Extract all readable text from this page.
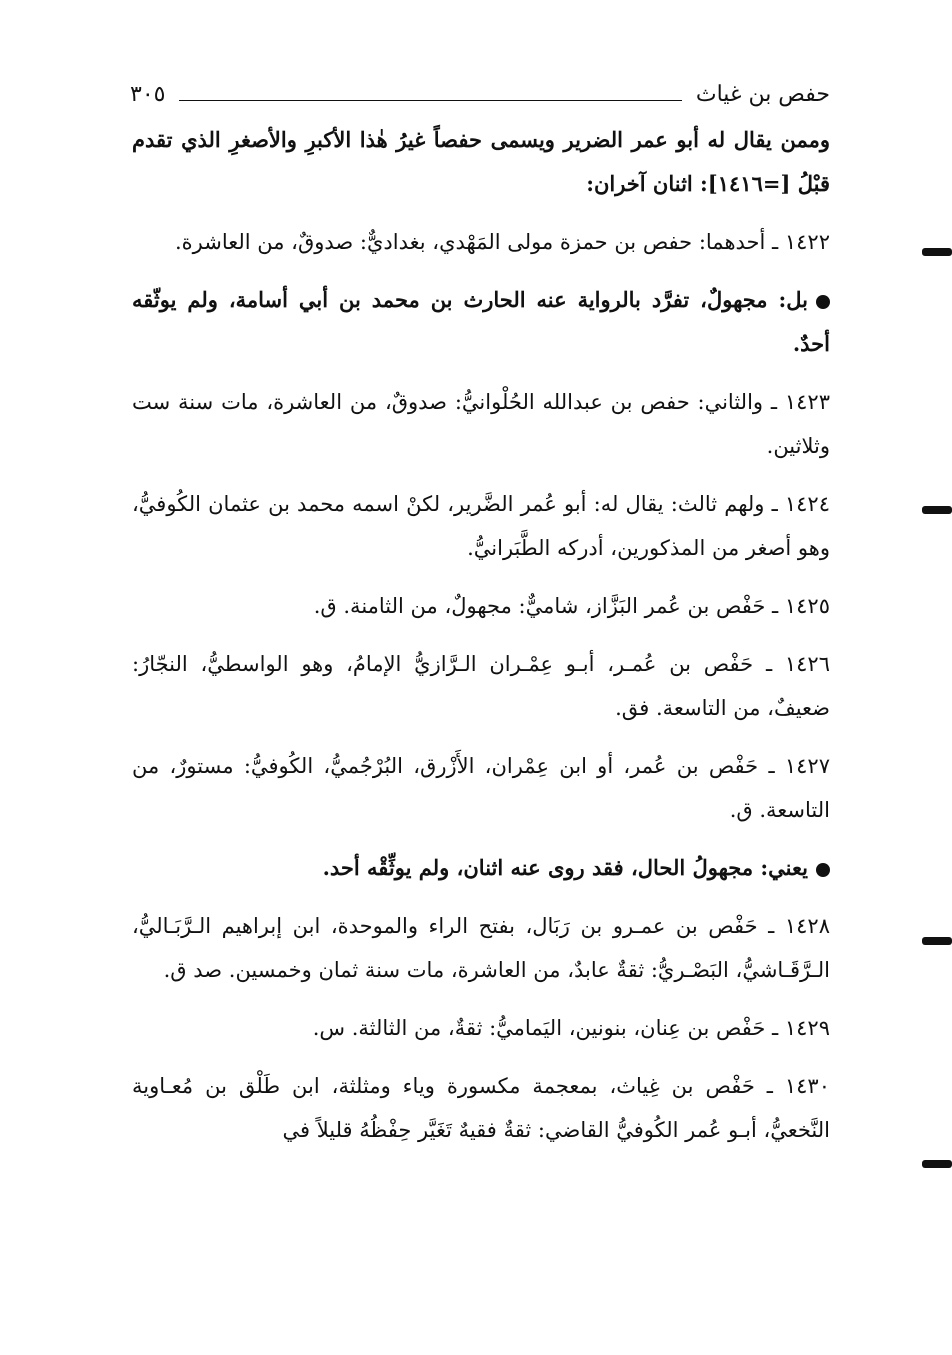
حفص بن غياث
٣٠٥

وممن يقال له أبو عمر الضرير ويسمى حفصاً غيرُ هٰذا الأكبرِ والأصغرِ الذي تقدم قبْلُ [=١٤١٦]: اثنان آخران:

١٤٢٢ ـ أحدهما: حفص بن حمزة مولى المَهْدي، بغداديٌّ: صدوقٌ، من العاشرة.

بل: مجهولٌ، تفرَّد بالرواية عنه الحارث بن محمد بن أبي أسامة، ولم يوثّقه أحدٌ.

١٤٢٣ ـ والثاني: حفص بن عبدالله الحُلْوانيُّ: صدوقٌ، من العاشرة، مات سنة ست وثلاثين.

١٤٢٤ ـ ولهم ثالث: يقال له: أبو عُمر الضَّرير، لكنْ اسمه محمد بن عثمان الكُوفيُّ، وهو أصغر من المذكورين، أدركه الطَّبَرانيُّ.

١٤٢٥ ـ حَفْص بن عُمر البَزَّاز، شاميٌّ: مجهولٌ، من الثامنة. ق.

١٤٢٦ ـ حَفْص بن عُمـر، أبـو عِمْـران الـرَّازيُّ الإمامُ، وهو الواسطيُّ، النجّارُ: ضعيفٌ، من التاسعة. فق.

١٤٢٧ ـ حَفْص بن عُمر، أو ابن عِمْران، الأَزْرق، البُرْجُميُّ، الكُوفيُّ: مستورٌ، من التاسعة. ق.

يعني: مجهولُ الحال، فقد روى عنه اثنان، ولم يوثِّقْه أحد.

١٤٢٨ ـ حَفْص بن عمـرو بن رَبَال، بفتح الراء والموحدة، ابن إبراهيم الـرَّبَـاليُّ، الـرَّقَـاشيُّ، البَصْـريُّ: ثقةٌ عابدٌ، من العاشرة، مات سنة ثمان وخمسين. صد ق.

١٤٢٩ ـ حَفْص بن عِنان، بنونين، اليَماميُّ: ثقةٌ، من الثالثة. س.

١٤٣٠ ـ حَفْص بن غِياث، بمعجمة مكسورة وياء ومثلثة، ابن طَلْق بن مُعـاوية النَّخعيُّ، أبـو عُمر الكُوفيُّ القاضي: ثقةٌ فقيهٌ تَغَيَّر حِفْظُهُ قليلاً في
